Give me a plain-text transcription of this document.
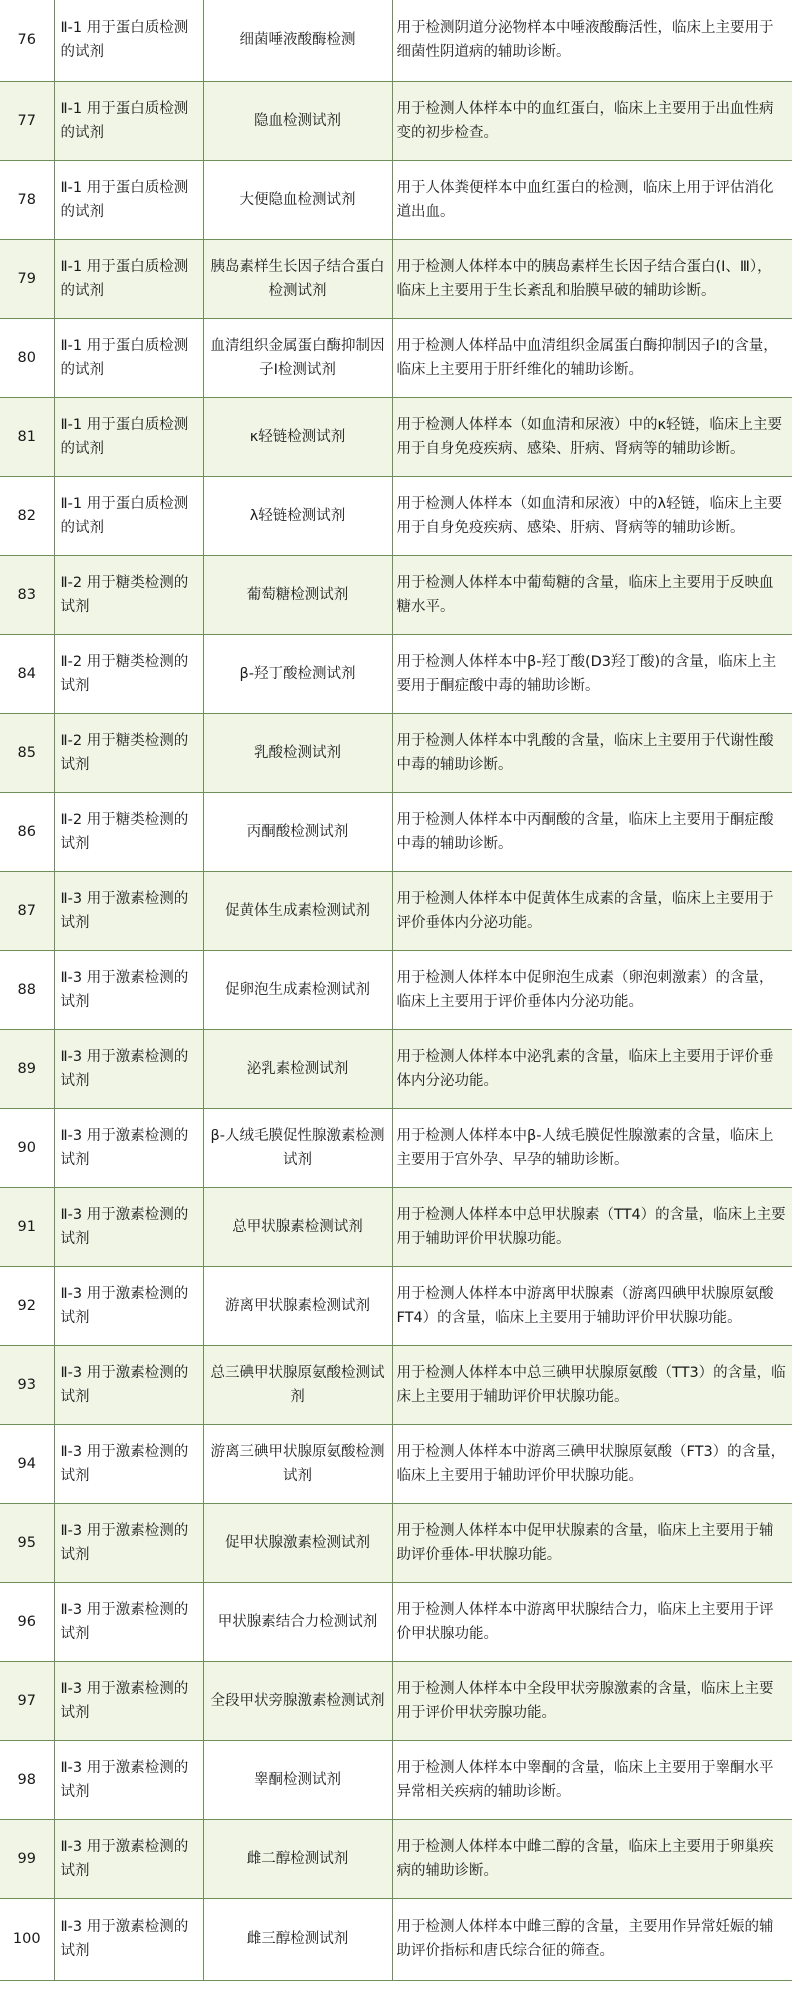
76	Ⅱ-1 用于蛋白质检测的试剂	细菌唾液酸酶检测	用于检测阴道分泌物样本中唾液酸酶活性，临床上主要用于细菌性阴道病的辅助诊断。
77	Ⅱ-1 用于蛋白质检测的试剂	隐血检测试剂	用于检测人体样本中的血红蛋白，临床上主要用于出血性病变的初步检查。
78	Ⅱ-1 用于蛋白质检测的试剂	大便隐血检测试剂	用于人体粪便样本中血红蛋白的检测，临床上用于评估消化道出血。
79	Ⅱ-1 用于蛋白质检测的试剂	胰岛素样生长因子结合蛋白检测试剂	用于检测人体样本中的胰岛素样生长因子结合蛋白(Ⅰ、Ⅲ），临床上主要用于生长紊乱和胎膜早破的辅助诊断。
80	Ⅱ-1 用于蛋白质检测的试剂	血清组织金属蛋白酶抑制因子Ⅰ检测试剂	用于检测人体样品中血清组织金属蛋白酶抑制因子Ⅰ的含量，临床上主要用于肝纤维化的辅助诊断。
81	Ⅱ-1 用于蛋白质检测的试剂	κ轻链检测试剂	用于检测人体样本（如血清和尿液）中的κ轻链，临床上主要用于自身免疫疾病、感染、肝病、肾病等的辅助诊断。
82	Ⅱ-1 用于蛋白质检测的试剂	λ轻链检测试剂	用于检测人体样本（如血清和尿液）中的λ轻链，临床上主要用于自身免疫疾病、感染、肝病、肾病等的辅助诊断。
83	Ⅱ-2 用于糖类检测的试剂	葡萄糖检测试剂	用于检测人体样本中葡萄糖的含量，临床上主要用于反映血糖水平。
84	Ⅱ-2 用于糖类检测的试剂	β-羟丁酸检测试剂	用于检测人体样本中β-羟丁酸(D3羟丁酸)的含量，临床上主要用于酮症酸中毒的辅助诊断。
85	Ⅱ-2 用于糖类检测的试剂	乳酸检测试剂	用于检测人体样本中乳酸的含量，临床上主要用于代谢性酸中毒的辅助诊断。
86	Ⅱ-2 用于糖类检测的试剂	丙酮酸检测试剂	用于检测人体样本中丙酮酸的含量，临床上主要用于酮症酸中毒的辅助诊断。
87	Ⅱ-3 用于激素检测的试剂	促黄体生成素检测试剂	用于检测人体样本中促黄体生成素的含量，临床上主要用于评价垂体内分泌功能。
88	Ⅱ-3 用于激素检测的试剂	促卵泡生成素检测试剂	用于检测人体样本中促卵泡生成素（卵泡刺激素）的含量，临床上主要用于评价垂体内分泌功能。
89	Ⅱ-3 用于激素检测的试剂	泌乳素检测试剂	用于检测人体样本中泌乳素的含量，临床上主要用于评价垂体内分泌功能。
90	Ⅱ-3 用于激素检测的试剂	β-人绒毛膜促性腺激素检测试剂	用于检测人体样本中β-人绒毛膜促性腺激素的含量，临床上主要用于宫外孕、早孕的辅助诊断。
91	Ⅱ-3 用于激素检测的试剂	总甲状腺素检测试剂	用于检测人体样本中总甲状腺素（TT4）的含量，临床上主要用于辅助评价甲状腺功能。
92	Ⅱ-3 用于激素检测的试剂	游离甲状腺素检测试剂	用于检测人体样本中游离甲状腺素（游离四碘甲状腺原氨酸FT4）的含量，临床上主要用于辅助评价甲状腺功能。
93	Ⅱ-3 用于激素检测的试剂	总三碘甲状腺原氨酸检测试剂	用于检测人体样本中总三碘甲状腺原氨酸（TT3）的含量，临床上主要用于辅助评价甲状腺功能。
94	Ⅱ-3 用于激素检测的试剂	游离三碘甲状腺原氨酸检测试剂	用于检测人体样本中游离三碘甲状腺原氨酸（FT3）的含量，临床上主要用于辅助评价甲状腺功能。
95	Ⅱ-3 用于激素检测的试剂	促甲状腺激素检测试剂	用于检测人体样本中促甲状腺素的含量，临床上主要用于辅助评价垂体-甲状腺功能。
96	Ⅱ-3 用于激素检测的试剂	甲状腺素结合力检测试剂	用于检测人体样本中游离甲状腺结合力，临床上主要用于评价甲状腺功能。
97	Ⅱ-3 用于激素检测的试剂	全段甲状旁腺激素检测试剂	用于检测人体样本中全段甲状旁腺激素的含量，临床上主要用于评价甲状旁腺功能。
98	Ⅱ-3 用于激素检测的试剂	睾酮检测试剂	用于检测人体样本中睾酮的含量，临床上主要用于睾酮水平异常相关疾病的辅助诊断。
99	Ⅱ-3 用于激素检测的试剂	雌二醇检测试剂	用于检测人体样本中雌二醇的含量，临床上主要用于卵巢疾病的辅助诊断。
100	Ⅱ-3 用于激素检测的试剂	雌三醇检测试剂	用于检测人体样本中雌三醇的含量，主要用作异常妊娠的辅助评价指标和唐氏综合征的筛查。
